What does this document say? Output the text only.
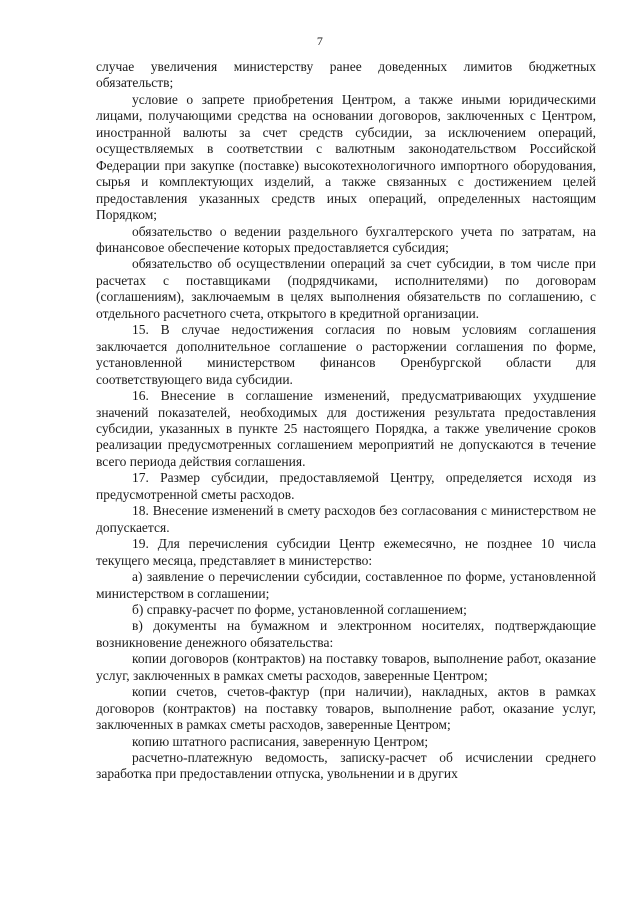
7

случае увеличения министерству ранее доведенных лимитов бюджетных обязательств;

условие о запрете приобретения Центром, а также иными юридическими лицами, получающими средства на основании договоров, заключенных с Центром, иностранной валюты за счет средств субсидии, за исключением операций, осуществляемых в соответствии с валютным законодательством Российской Федерации при закупке (поставке) высокотехнологичного импортного оборудования, сырья и комплектующих изделий, а также связанных с достижением целей предоставления указанных средств иных операций, определенных настоящим Порядком;

обязательство о ведении раздельного бухгалтерского учета по затратам, на финансовое обеспечение которых предоставляется субсидия;

обязательство об осуществлении операций за счет субсидии, в том числе при расчетах с поставщиками (подрядчиками, исполнителями) по договорам (соглашениям), заключаемым в целях выполнения обязательств по соглашению, с отдельного расчетного счета, открытого в кредитной организации.

15. В случае недостижения согласия по новым условиям соглашения заключается дополнительное соглашение о расторжении соглашения по форме, установленной министерством финансов Оренбургской области для соответствующего вида субсидии.

16. Внесение в соглашение изменений, предусматривающих ухудшение значений показателей, необходимых для достижения результата предоставления субсидии, указанных в пункте 25 настоящего Порядка, а также увеличение сроков реализации предусмотренных соглашением мероприятий не допускаются в течение всего периода действия соглашения.

17. Размер субсидии, предоставляемой Центру, определяется исходя из предусмотренной сметы расходов.

18. Внесение изменений в смету расходов без согласования с министерством не допускается.

19. Для перечисления субсидии Центр ежемесячно, не позднее 10 числа текущего месяца, представляет в министерство:

а) заявление о перечислении субсидии, составленное по форме, установленной министерством в соглашении;

б) справку-расчет по форме, установленной соглашением;

в) документы на бумажном и электронном носителях, подтверждающие возникновение денежного обязательства:

копии договоров (контрактов) на поставку товаров, выполнение работ, оказание услуг, заключенных в рамках сметы расходов, заверенные Центром;

копии счетов, счетов-фактур (при наличии), накладных, актов в рамках договоров (контрактов) на поставку товаров, выполнение работ, оказание услуг, заключенных в рамках сметы расходов, заверенные Центром;

копию штатного расписания, заверенную Центром;

расчетно-платежную ведомость, записку-расчет об исчислении среднего заработка при предоставлении отпуска, увольнении и в других
